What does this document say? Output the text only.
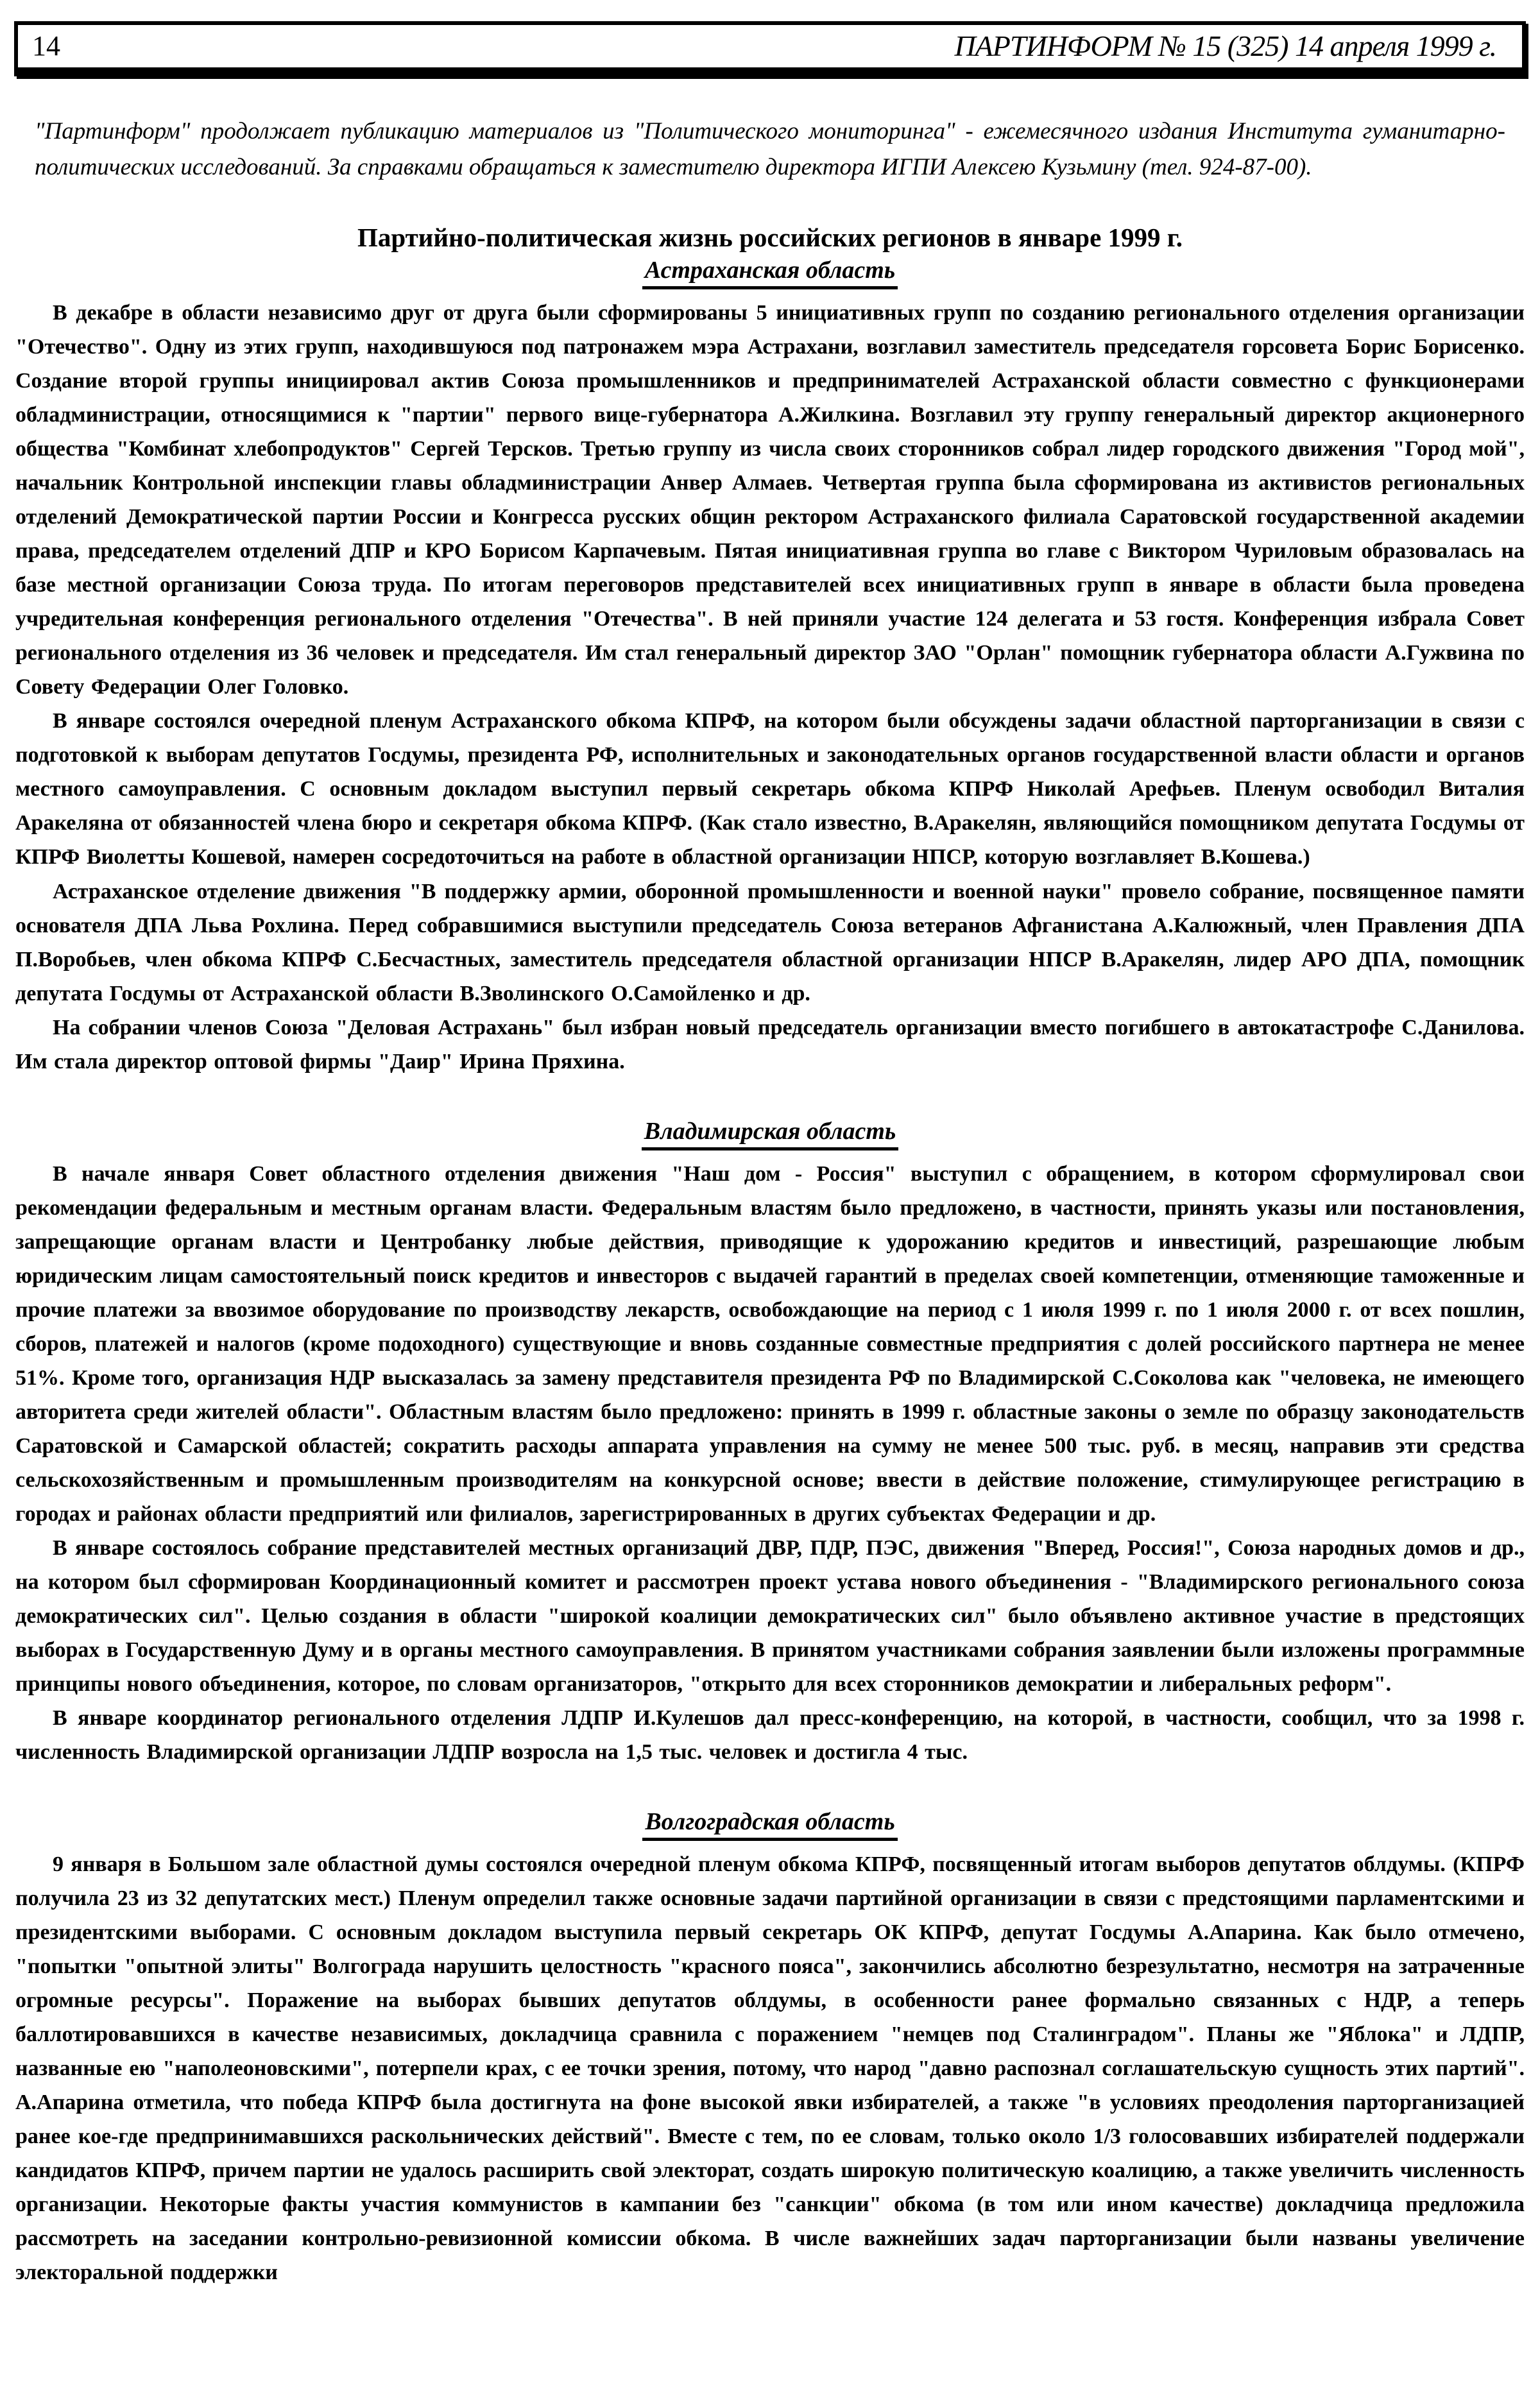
14	ПАРТИНФОРМ № 15 (325) 14 апреля 1999 г.
"Партинформ" продолжает публикацию материалов из "Политического мониторинга" - ежемесячного издания Института гуманитарно-политических исследований. За справками обращаться к заместителю директора ИГПИ Алексею Кузьмину (тел. 924-87-00).
Партийно-политическая жизнь российских регионов в январе 1999 г.
Астраханская область
В декабре в области независимо друг от друга были сформированы 5 инициативных групп по созданию регионального отделения организации "Отечество". Одну из этих групп, находившуюся под патронажем мэра Астрахани, возглавил заместитель председателя горсовета Борис Борисенко. Создание второй группы инициировал актив Союза промышленников и предпринимателей Астраханской области совместно с функционерами обладминистрации, относящимися к "партии" первого вице-губернатора А.Жилкина. Возглавил эту группу генеральный директор акционерного общества "Комбинат хлебопродуктов" Сергей Терсков. Третью группу из числа своих сторонников собрал лидер городского движения "Город мой", начальник Контрольной инспекции главы обладминистрации Анвер Алмаев. Четвертая группа была сформирована из активистов региональных отделений Демократической партии России и Конгресса русских общин ректором Астраханского филиала Саратовской государственной академии права, председателем отделений ДПР и КРО Борисом Карпачевым. Пятая инициативная группа во главе с Виктором Чуриловым образовалась на базе местной организации Союза труда. По итогам переговоров представителей всех инициативных групп в январе в области была проведена учредительная конференция регионального отделения "Отечества". В ней приняли участие 124 делегата и 53 гостя. Конференция избрала Совет регионального отделения из 36 человек и председателя. Им стал генеральный директор ЗАО "Орлан" помощник губернатора области А.Гужвина по Совету Федерации Олег Головко.
В январе состоялся очередной пленум Астраханского обкома КПРФ, на котором были обсуждены задачи областной парторганизации в связи с подготовкой к выборам депутатов Госдумы, президента РФ, исполнительных и законодательных органов государственной власти области и органов местного самоуправления. С основным докладом выступил первый секретарь обкома КПРФ Николай Арефьев. Пленум освободил Виталия Аракеляна от обязанностей члена бюро и секретаря обкома КПРФ. (Как стало известно, В.Аракелян, являющийся помощником депутата Госдумы от КПРФ Виолетты Кошевой, намерен сосредоточиться на работе в областной организации НПСР, которую возглавляет В.Кошева.)
Астраханское отделение движения "В поддержку армии, оборонной промышленности и военной науки" провело собрание, посвященное памяти основателя ДПА Льва Рохлина. Перед собравшимися выступили председатель Союза ветеранов Афганистана А.Калюжный, член Правления ДПА П.Воробьев, член обкома КПРФ С.Бесчастных, заместитель председателя областной организации НПСР В.Аракелян, лидер АРО ДПА, помощник депутата Госдумы от Астраханской области В.Зволинского О.Самойленко и др.
На собрании членов Союза "Деловая Астрахань" был избран новый председатель организации вместо погибшего в автокатастрофе С.Данилова. Им стала директор оптовой фирмы "Даир" Ирина Пряхина.
Владимирская область
В начале января Совет областного отделения движения "Наш дом - Россия" выступил с обращением, в котором сформулировал свои рекомендации федеральным и местным органам власти. Федеральным властям было предложено, в частности, принять указы или постановления, запрещающие органам власти и Центробанку любые действия, приводящие к удорожанию кредитов и инвестиций, разрешающие любым юридическим лицам самостоятельный поиск кредитов и инвесторов с выдачей гарантий в пределах своей компетенции, отменяющие таможенные и прочие платежи за ввозимое оборудование по производству лекарств, освобождающие на период с 1 июля 1999 г. по 1 июля 2000 г. от всех пошлин, сборов, платежей и налогов (кроме подоходного) существующие и вновь созданные совместные предприятия с долей российского партнера не менее 51%. Кроме того, организация НДР высказалась за замену представителя президента РФ по Владимирской С.Соколова как "человека, не имеющего авторитета среди жителей области". Областным властям было предложено: принять в 1999 г. областные законы о земле по образцу законодательств Саратовской и Самарской областей; сократить расходы аппарата управления на сумму не менее 500 тыс. руб. в месяц, направив эти средства сельскохозяйственным и промышленным производителям на конкурсной основе; ввести в действие положение, стимулирующее регистрацию в городах и районах области предприятий или филиалов, зарегистрированных в других субъектах Федерации и др.
В январе состоялось собрание представителей местных организаций ДВР, ПДР, ПЭС, движения "Вперед, Россия!", Союза народных домов и др., на котором был сформирован Координационный комитет и рассмотрен проект устава нового объединения - "Владимирского регионального союза демократических сил". Целью создания в области "широкой коалиции демократических сил" было объявлено активное участие в предстоящих выборах в Государственную Думу и в органы местного самоуправления. В принятом участниками собрания заявлении были изложены программные принципы нового объединения, которое, по словам организаторов, "открыто для всех сторонников демократии и либеральных реформ".
В январе координатор регионального отделения ЛДПР И.Кулешов дал пресс-конференцию, на которой, в частности, сообщил, что за 1998 г. численность Владимирской организации ЛДПР возросла на 1,5 тыс. человек и достигла 4 тыс.
Волгоградская область
9 января в Большом зале областной думы состоялся очередной пленум обкома КПРФ, посвященный итогам выборов депутатов облдумы. (КПРФ получила 23 из 32 депутатских мест.) Пленум определил также основные задачи партийной организации в связи с предстоящими парламентскими и президентскими выборами. С основным докладом выступила первый секретарь ОК КПРФ, депутат Госдумы А.Апарина. Как было отмечено, "попытки "опытной элиты" Волгограда нарушить целостность "красного пояса", закончились абсолютно безрезультатно, несмотря на затраченные огромные ресурсы". Поражение на выборах бывших депутатов облдумы, в особенности ранее формально связанных с НДР, а теперь баллотировавшихся в качестве независимых, докладчица сравнила с поражением "немцев под Сталинградом". Планы же "Яблока" и ЛДПР, названные ею "наполеоновскими", потерпели крах, с ее точки зрения, потому, что народ "давно распознал соглашательскую сущность этих партий". А.Апарина отметила, что победа КПРФ была достигнута на фоне высокой явки избирателей, а также "в условиях преодоления парторганизацией ранее кое-где предпринимавшихся раскольнических действий". Вместе с тем, по ее словам, только около 1/3 голосовавших избирателей поддержали кандидатов КПРФ, причем партии не удалось расширить свой электорат, создать широкую политическую коалицию, а также увеличить численность организации. Некоторые факты участия коммунистов в кампании без "санкции" обкома (в том или ином качестве) докладчица предложила рассмотреть на заседании контрольно-ревизионной комиссии обкома. В числе важнейших задач парторганизации были названы увеличение электоральной поддержки
